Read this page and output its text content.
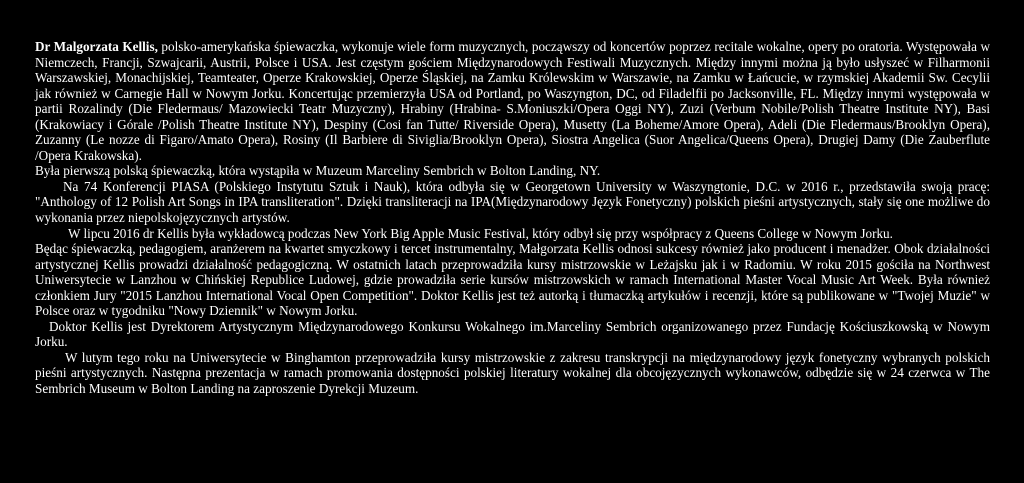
Dr Malgorzata Kellis, polsko-amerykańska śpiewaczka, wykonuje wiele form muzycznych, począwszy od koncertów poprzez recitale wokalne, opery po oratoria. Występowała w Niemczech, Francji, Szwajcarii, Austrii, Polsce i USA. Jest częstym gościem Międzynarodowych Festiwali Muzycznych. Między innymi można ją było usłyszeć w Filharmonii Warszawskiej, Monachijskiej, Teamteater, Operze Krakowskiej, Operze Śląskiej, na Zamku Królewskim w Warszawie, na Zamku w Łańcucie, w rzymskiej Akademii Sw. Cecylii jak również w Carnegie Hall w Nowym Jorku. Koncertując przemierzyła USA od Portland, po Waszyngton, DC, od Filadelfii po Jacksonville, FL. Między innymi występowała w partii Rozalindy (Die Fledermaus/ Mazowiecki Teatr Muzyczny), Hrabiny (Hrabina- S.Moniuszki/Opera Oggi NY), Zuzi (Verbum Nobile/Polish Theatre Institute NY), Basi (Krakowiacy i Górale /Polish Theatre Institute NY), Despiny (Cosi fan Tutte/ Riverside Opera), Musetty (La Boheme/Amore Opera), Adeli (Die Fledermaus/Brooklyn Opera), Zuzanny (Le nozze di Figaro/Amato Opera), Rosiny (Il Barbiere di Siviglia/Brooklyn Opera), Siostra Angelica (Suor Angelica/Queens Opera), Drugiej Damy (Die Zauberflute /Opera Krakowska).

Była pierwszą polską śpiewaczką, która wystąpiła w Muzeum Marceliny Sembrich w Bolton Landing, NY.

Na 74 Konferencji PIASA (Polskiego Instytutu Sztuk i Nauk), która odbyła się w Georgetown University w Waszyngtonie, D.C. w 2016 r., przedstawiła swoją pracę: "Anthology of 12 Polish Art Songs in IPA transliteration". Dzięki transliteracji na IPA(Międzynarodowy Język Fonetyczny) polskich pieśni artystycznych, stały się one możliwe do wykonania przez niepolskojęzycznych artystów.

W lipcu 2016 dr Kellis była wykładowcą podczas New York Big Apple Music Festival, który odbył się przy współpracy z Queens College w Nowym Jorku.

Będąc śpiewaczką, pedagogiem, aranżerem na kwartet smyczkowy i tercet instrumentalny, Małgorzata Kellis odnosi sukcesy również jako producent i menadżer. Obok działalności artystycznej Kellis prowadzi działalność pedagogiczną. W ostatnich latach przeprowadziła kursy mistrzowskie w Leżajsku jak i w Radomiu. W roku 2015 gościła na Northwest Uniwersytecie w Lanzhou w Chińskiej Republice Ludowej, gdzie prowadziła serie kursów mistrzowskich w ramach International Master Vocal Music Art Week. Była również członkiem Jury "2015 Lanzhou International Vocal Open Competition". Doktor Kellis jest też autorką i tłumaczką artykułów i recenzji, które są publikowane w "Twojej Muzie" w Polsce oraz w tygodniku "Nowy Dziennik" w Nowym Jorku.

Doktor Kellis jest Dyrektorem Artystycznym Międzynarodowego Konkursu Wokalnego im.Marceliny Sembrich organizowanego przez Fundację Kościuszkowską w Nowym Jorku.

W lutym tego roku na Uniwersytecie w Binghamton przeprowadziła kursy mistrzowskie z zakresu transkrypcji na międzynarodowy język fonetyczny wybranych polskich pieśni artystycznych. Następna prezentacja w ramach promowania dostępności polskiej literatury wokalnej dla obcojęzycznych wykonawców, odbędzie się w 24 czerwca w The Sembrich Museum w Bolton Landing na zaproszenie Dyrekcji Muzeum.
